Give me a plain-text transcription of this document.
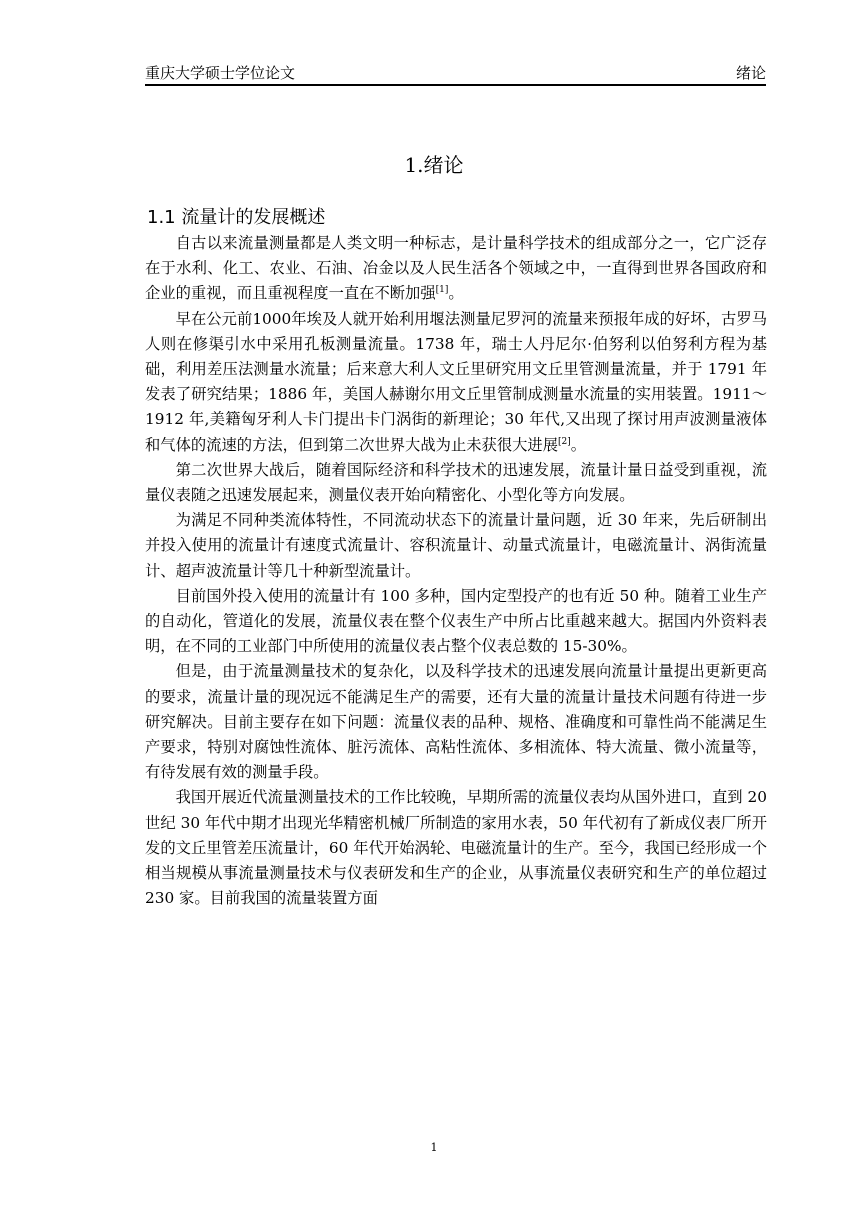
重庆大学硕士学位论文	绪论
1.绪论
1.1 流量计的发展概述

自古以来流量测量都是人类文明一种标志，是计量科学技术的组成部分之一，它广泛存在于水利、化工、农业、石油、冶金以及人民生活各个领域之中，一直得到世界各国政府和企业的重视，而且重视程度一直在不断加强[1]。

早在公元前1000年埃及人就开始利用堰法测量尼罗河的流量来预报年成的好坏，古罗马人则在修渠引水中采用孔板测量流量。1738 年，瑞士人丹尼尔·伯努利以伯努利方程为基础，利用差压法测量水流量；后来意大利人文丘里研究用文丘里管测量流量，并于 1791 年发表了研究结果；1886 年，美国人赫谢尔用文丘里管制成测量水流量的实用装置。1911～1912 年,美籍匈牙利人卡门提出卡门涡街的新理论；30 年代,又出现了探讨用声波测量液体和气体的流速的方法，但到第二次世界大战为止未获很大进展[2]。

第二次世界大战后，随着国际经济和科学技术的迅速发展，流量计量日益受到重视，流量仪表随之迅速发展起来，测量仪表开始向精密化、小型化等方向发展。

为满足不同种类流体特性，不同流动状态下的流量计量问题，近 30 年来，先后研制出并投入使用的流量计有速度式流量计、容积流量计、动量式流量计，电磁流量计、涡街流量计、超声波流量计等几十种新型流量计。

目前国外投入使用的流量计有 100 多种，国内定型投产的也有近 50 种。随着工业生产的自动化，管道化的发展，流量仪表在整个仪表生产中所占比重越来越大。据国内外资料表明，在不同的工业部门中所使用的流量仪表占整个仪表总数的 15-30%。

但是，由于流量测量技术的复杂化，以及科学技术的迅速发展向流量计量提出更新更高的要求，流量计量的现况远不能满足生产的需要，还有大量的流量计量技术问题有待进一步研究解决。目前主要存在如下问题：流量仪表的品种、规格、准确度和可靠性尚不能满足生产要求，特别对腐蚀性流体、脏污流体、高粘性流体、多相流体、特大流量、微小流量等，有待发展有效的测量手段。

我国开展近代流量测量技术的工作比较晚，早期所需的流量仪表均从国外进口，直到 20 世纪 30 年代中期才出现光华精密机械厂所制造的家用水表，50 年代初有了新成仪表厂所开发的文丘里管差压流量计，60 年代开始涡轮、电磁流量计的生产。至今，我国已经形成一个相当规模从事流量测量技术与仪表研发和生产的企业，从事流量仪表研究和生产的单位超过 230 家。目前我国的流量装置方面

1
